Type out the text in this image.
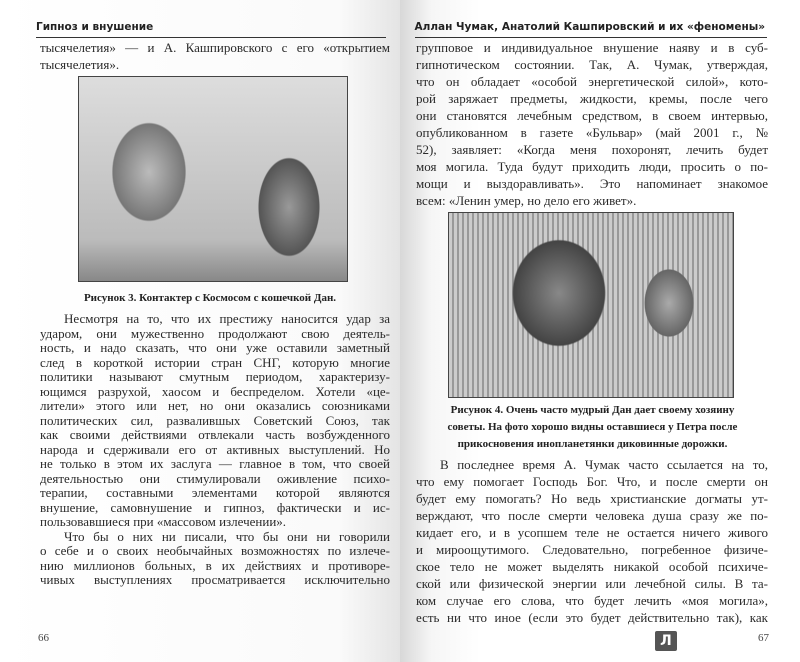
Гипноз и внушение
тысячелетия» — и А. Кашпировского с его «открытием
тысячелетия».
Рисунок 3. Контактер с Космосом с кошечкой Дан.
Несмотря на то, что их престижу наносится удар за
ударом, они мужественно продолжают свою деятель-
ность, и надо сказать, что они уже оставили заметный
след в короткой истории стран СНГ, которую многие
политики называют смутным периодом, характеризу-
ющимся разрухой, хаосом и беспределом. Хотели «це-
лители» этого или нет, но они оказались союзниками
политических сил, развалившых Советский Союз, так
как своими действиями отвлекали часть возбужденного
народа и сдерживали его от активных выступлений. Но
не только в этом их заслуга — главное в том, что своей
деятельностью они стимулировали оживление психо-
терапии, составными элементами которой являются
внушение, самовнушение и гипноз, фактически и ис-
пользовавшиеся при «массовом излечении».
Что бы о них ни писали, что бы они ни говорили
о себе и о своих необычайных возможностях по излече-
нию миллионов больных, в их действиях и противоре-
чивых выступлениях просматривается исключительно
66
Аллан Чумак, Анатолий Кашпировский и их «феномены»
групповое и индивидуальное внушение наяву и в суб-
гипнотическом состоянии. Так, А. Чумак, утверждая,
что он обладает «особой энергетической силой», кото-
рой заряжает предметы, жидкости, кремы, после чего
они становятся лечебным средством, в своем интервью,
опубликованном в газете «Бульвар» (май 2001 г., №
52), заявляет: «Когда меня похоронят, лечить будет
моя могила. Туда будут приходить люди, просить о по-
мощи и выздоравливать». Это напоминает знакомое
всем: «Ленин умер, но дело его живет».
Рисунок 4. Очень часто мудрый Дан дает своему хозяину
советы. На фото хорошо видны оставшиеся у Петра после
прикосновения инопланетянки диковинные дорожки.
В последнее время А. Чумак часто ссылается на то,
что ему помогает Господь Бог. Что, и после смерти он
будет ему помогать? Но ведь христианские догматы ут-
верждают, что после смерти человека душа сразу же по-
кидает его, и в усопшем теле не остается ничего живого
и мироощутимого. Следовательно, погребенное физиче-
ское тело не может выделять никакой особой психиче-
ской или физической энергии или лечебной силы. В та-
ком случае его слова, что будет лечить «моя могила»,
есть ни что иное (если это будет действительно так), как
67
Л
